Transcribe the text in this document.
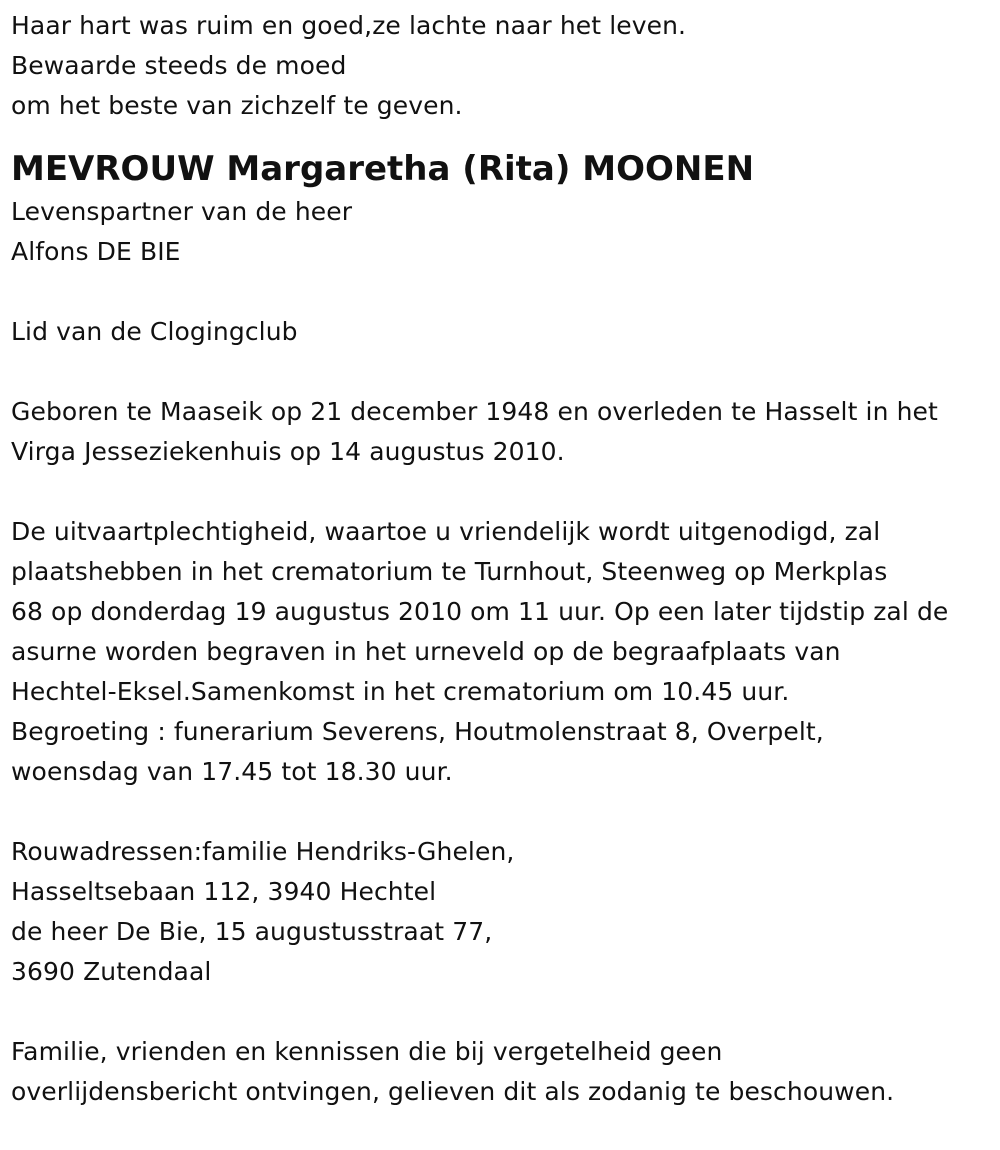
Haar hart was ruim en goed,ze lachte naar het leven.
Bewaarde steeds de moed
om het beste van zichzelf te geven.
MEVROUW Margaretha (Rita) MOONEN
Levenspartner van de heer
Alfons DE BIE
Lid van de Clogingclub
Geboren te Maaseik op 21 december 1948 en overleden te Hasselt in het
Virga Jesseziekenhuis op 14 augustus 2010.
De uitvaartplechtigheid, waartoe u vriendelijk wordt uitgenodigd, zal
plaatshebben in het crematorium te Turnhout, Steenweg op Merkplas
68 op donderdag 19 augustus 2010 om 11 uur. Op een later tijdstip zal de
asurne worden begraven in het urneveld op de begraafplaats van
Hechtel-Eksel.Samenkomst in het crematorium om 10.45 uur.
Begroeting : funerarium Severens, Houtmolenstraat 8, Overpelt,
woensdag van 17.45 tot 18.30 uur.
Rouwadressen:familie Hendriks-Ghelen,
Hasseltsebaan 112, 3940 Hechtel
de heer De Bie, 15 augustusstraat 77,
3690 Zutendaal
Familie, vrienden en kennissen die bij vergetelheid geen
overlijdensbericht ontvingen, gelieven dit als zodanig te beschouwen.
